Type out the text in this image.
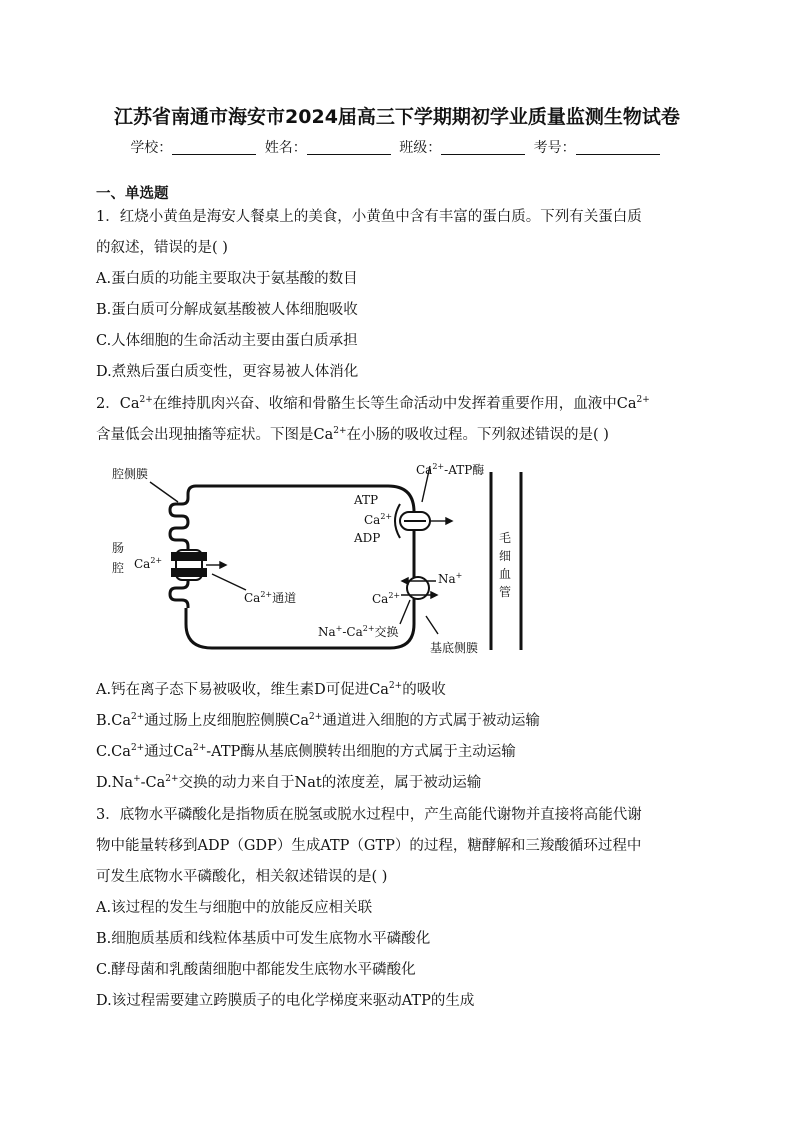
江苏省南通市海安市2024届高三下学期期初学业质量监测生物试卷
学校：	姓名：	班级：	考号：
一、单选题
1．红烧小黄鱼是海安人餐桌上的美食，小黄鱼中含有丰富的蛋白质。下列有关蛋白质
的叙述，错误的是( )
A.蛋白质的功能主要取决于氨基酸的数目
B.蛋白质可分解成氨基酸被人体细胞吸收
C.人体细胞的生命活动主要由蛋白质承担
D.煮熟后蛋白质变性，更容易被人体消化
2．$Ca^{2+}$在维持肌肉兴奋、收缩和骨骼生长等生命活动中发挥着重要作用，血液中$Ca^{2+}$
含量低会出现抽搐等症状。下图是$Ca^{2+}$在小肠的吸收过程。下列叙述错误的是( )
腔侧膜
肠
腔 $Ca^{2+}$
$Ca^{2+}$通道
$Ca^{2+}$-ATP酶
ATP
$Ca^{2+}$
ADP
Na+
$Ca^{2+}$
$Na^+-Ca^{2+}$交换
基底侧膜
毛
细
血
管
A.钙在离子态下易被吸收，维生素D可促进$Ca^{2+}$的吸收
$B.Ca^{2+}$通过肠上皮细胞腔侧膜$Ca^{2+}$通道进入细胞的方式属于被动运输
$C.Ca^{2+}$通过$Ca^{2+}$-ATP酶从基底侧膜转出细胞的方式属于主动运输
$D.Na^+-Ca^{2+}$交换的动力来自于Nat的浓度差，属于被动运输
3．底物水平磷酸化是指物质在脱氢或脱水过程中，产生高能代谢物并直接将高能代谢
物中能量转移到ADP（GDP）生成ATP（GTP）的过程，糖酵解和三羧酸循环过程中
可发生底物水平磷酸化，相关叙述错误的是( )
A.该过程的发生与细胞中的放能反应相关联
B.细胞质基质和线粒体基质中可发生底物水平磷酸化
C.酵母菌和乳酸菌细胞中都能发生底物水平磷酸化
D.该过程需要建立跨膜质子的电化学梯度来驱动ATP的生成
